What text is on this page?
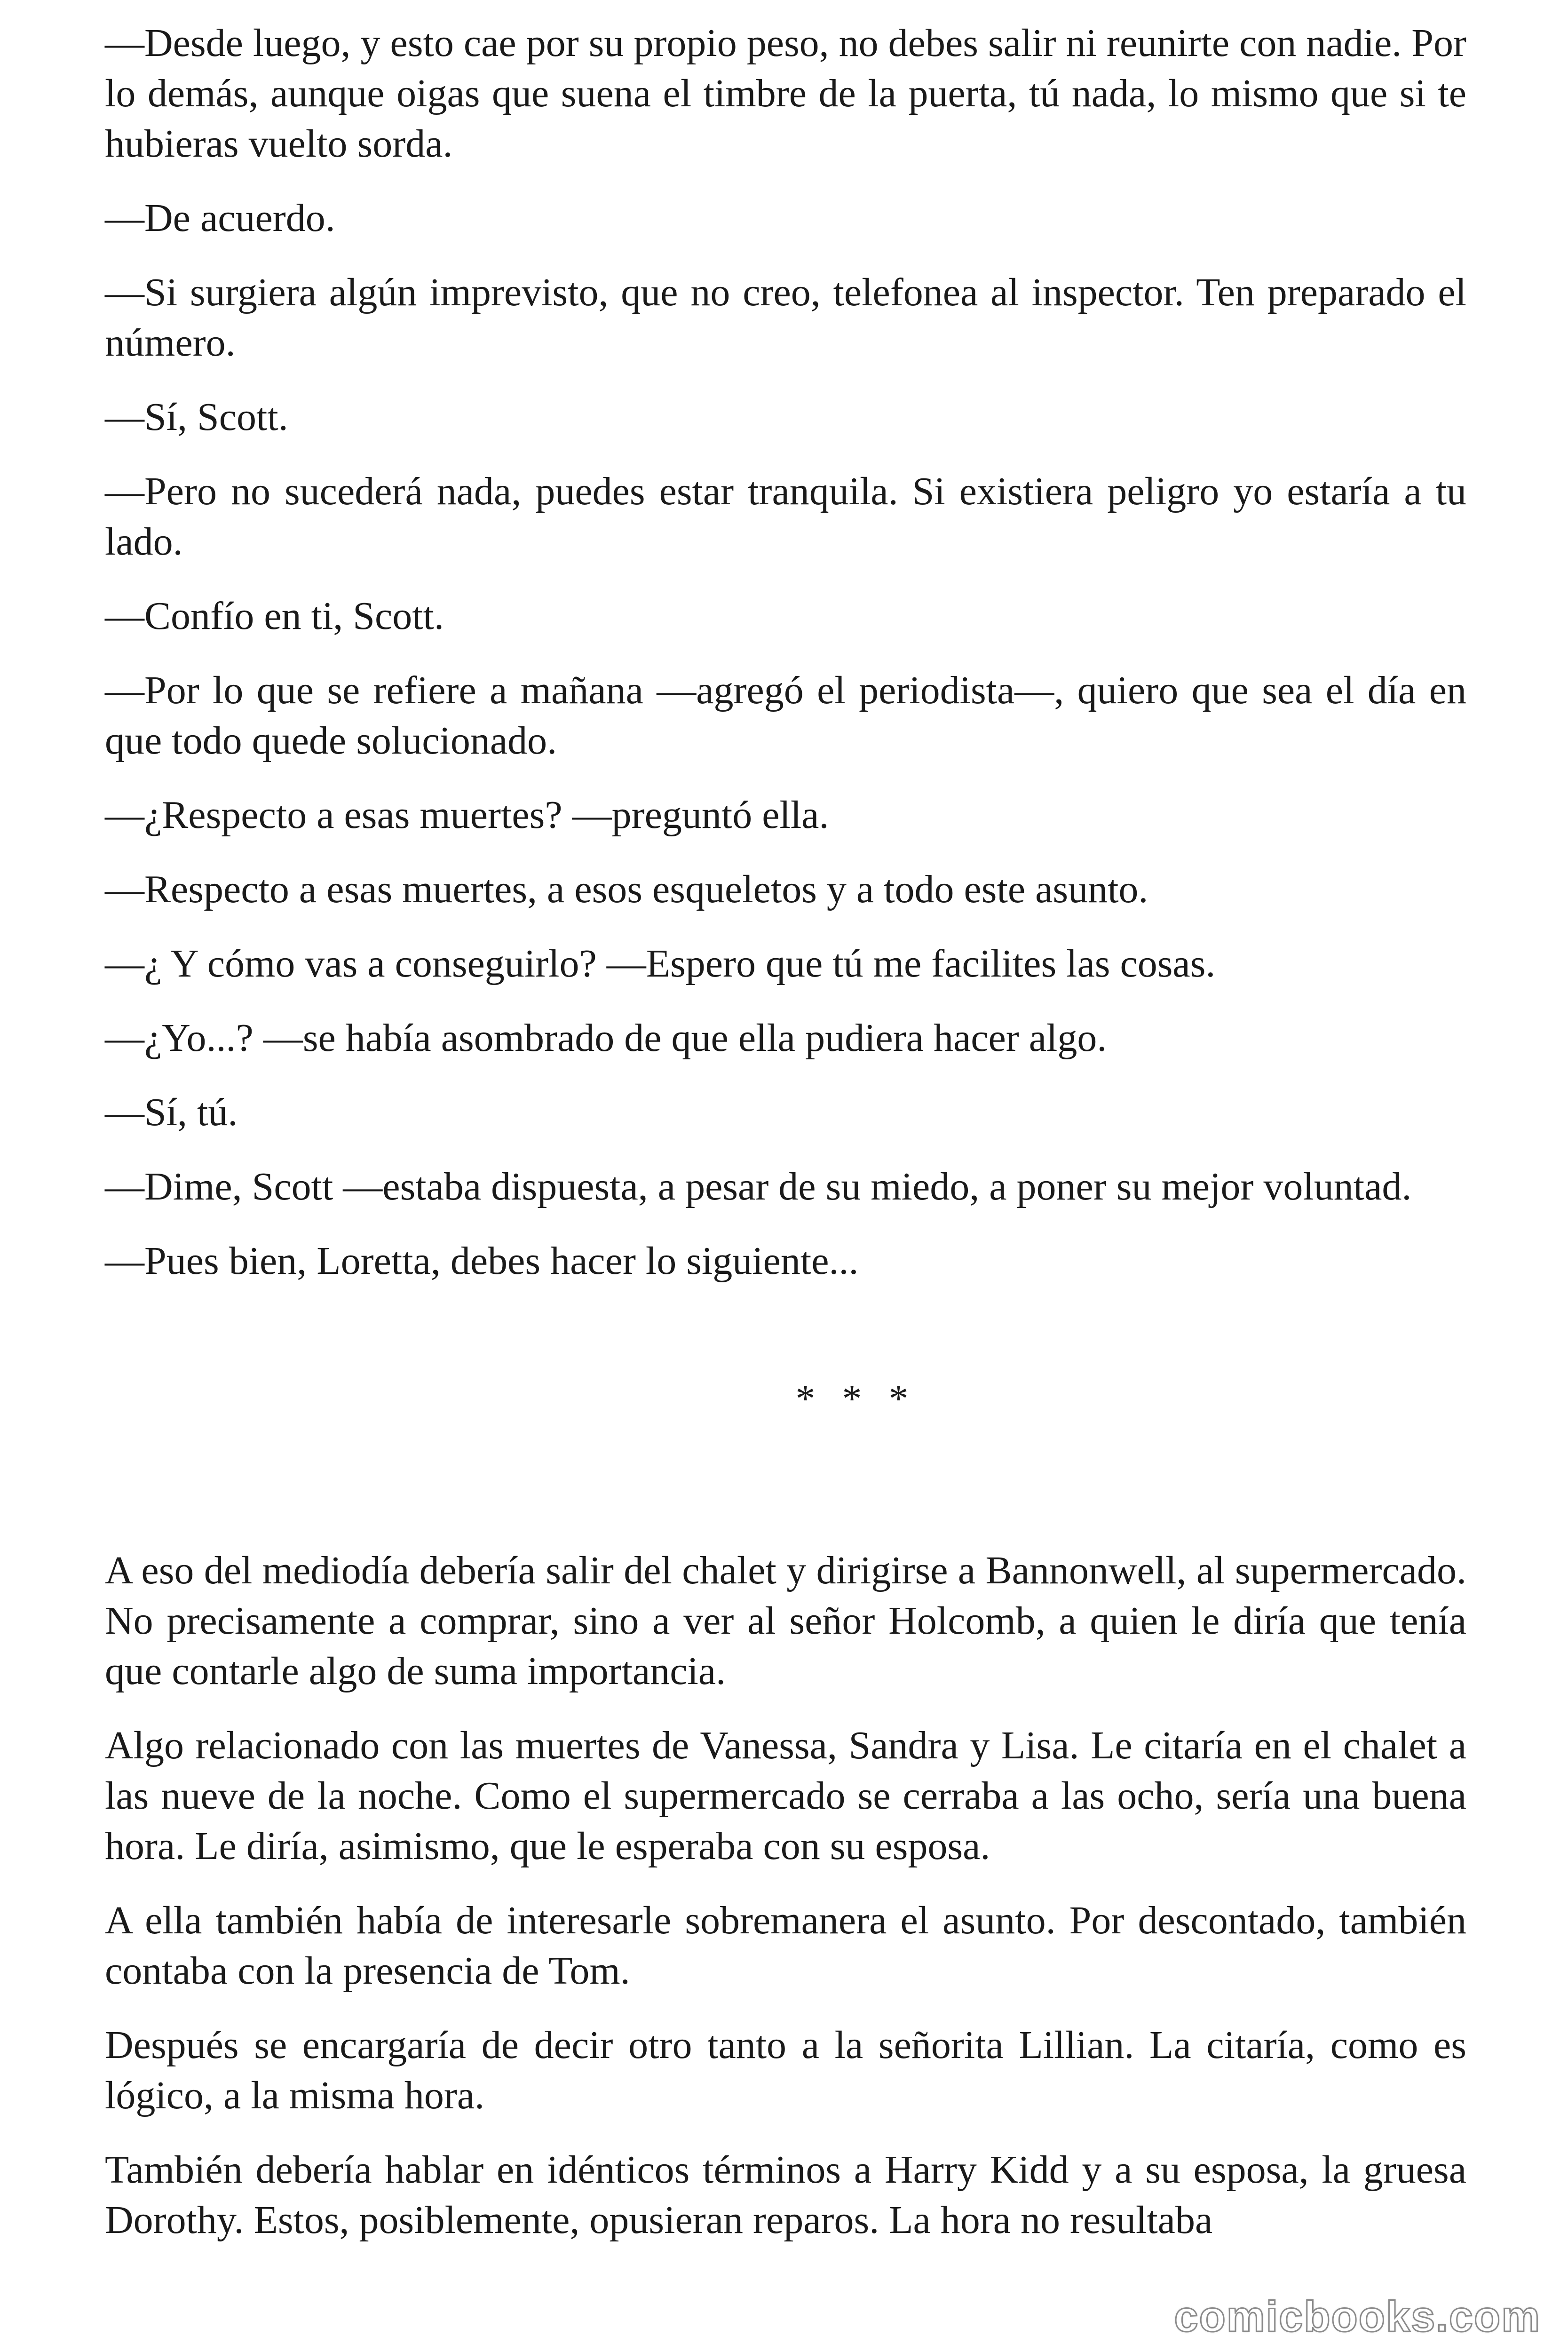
—Desde luego, y esto cae por su propio peso, no debes salir ni reunirte con nadie. Por lo demás, aunque oigas que suena el timbre de la puerta, tú nada, lo mismo que si te hubieras vuelto sorda.

—De acuerdo.

—Si surgiera algún imprevisto, que no creo, telefonea al inspector. Ten preparado el número.

—Sí, Scott.

—Pero no sucederá nada, puedes estar tranquila. Si existiera peligro yo estaría a tu lado.

—Confío en ti, Scott.

—Por lo que se refiere a mañana —agregó el periodista—, quiero que sea el día en que todo quede solucionado.

—¿Respecto a esas muertes? —preguntó ella.

—Respecto a esas muertes, a esos esqueletos y a todo este asunto.

—¿ Y cómo vas a conseguirlo? —Espero que tú me facilites las cosas.

—¿Yo...? —se había asombrado de que ella pudiera hacer algo.

—Sí, tú.

—Dime, Scott —estaba dispuesta, a pesar de su miedo, a poner su mejor voluntad.

—Pues bien, Loretta, debes hacer lo siguiente...

* * *

A eso del mediodía debería salir del chalet y dirigirse a Bannonwell, al supermercado. No precisamente a comprar, sino a ver al señor Holcomb, a quien le diría que tenía que contarle algo de suma importancia.

Algo relacionado con las muertes de Vanessa, Sandra y Lisa. Le citaría en el chalet a las nueve de la noche. Como el supermercado se cerraba a las ocho, sería una buena hora. Le diría, asimismo, que le esperaba con su esposa.

A ella también había de interesarle sobremanera el asunto. Por descontado, también contaba con la presencia de Tom.

Después se encargaría de decir otro tanto a la señorita Lillian. La citaría, como es lógico, a la misma hora.

También debería hablar en idénticos términos a Harry Kidd y a su esposa, la gruesa Dorothy. Estos, posiblemente, opusieran reparos. La hora no resultaba

comicbooks.com
